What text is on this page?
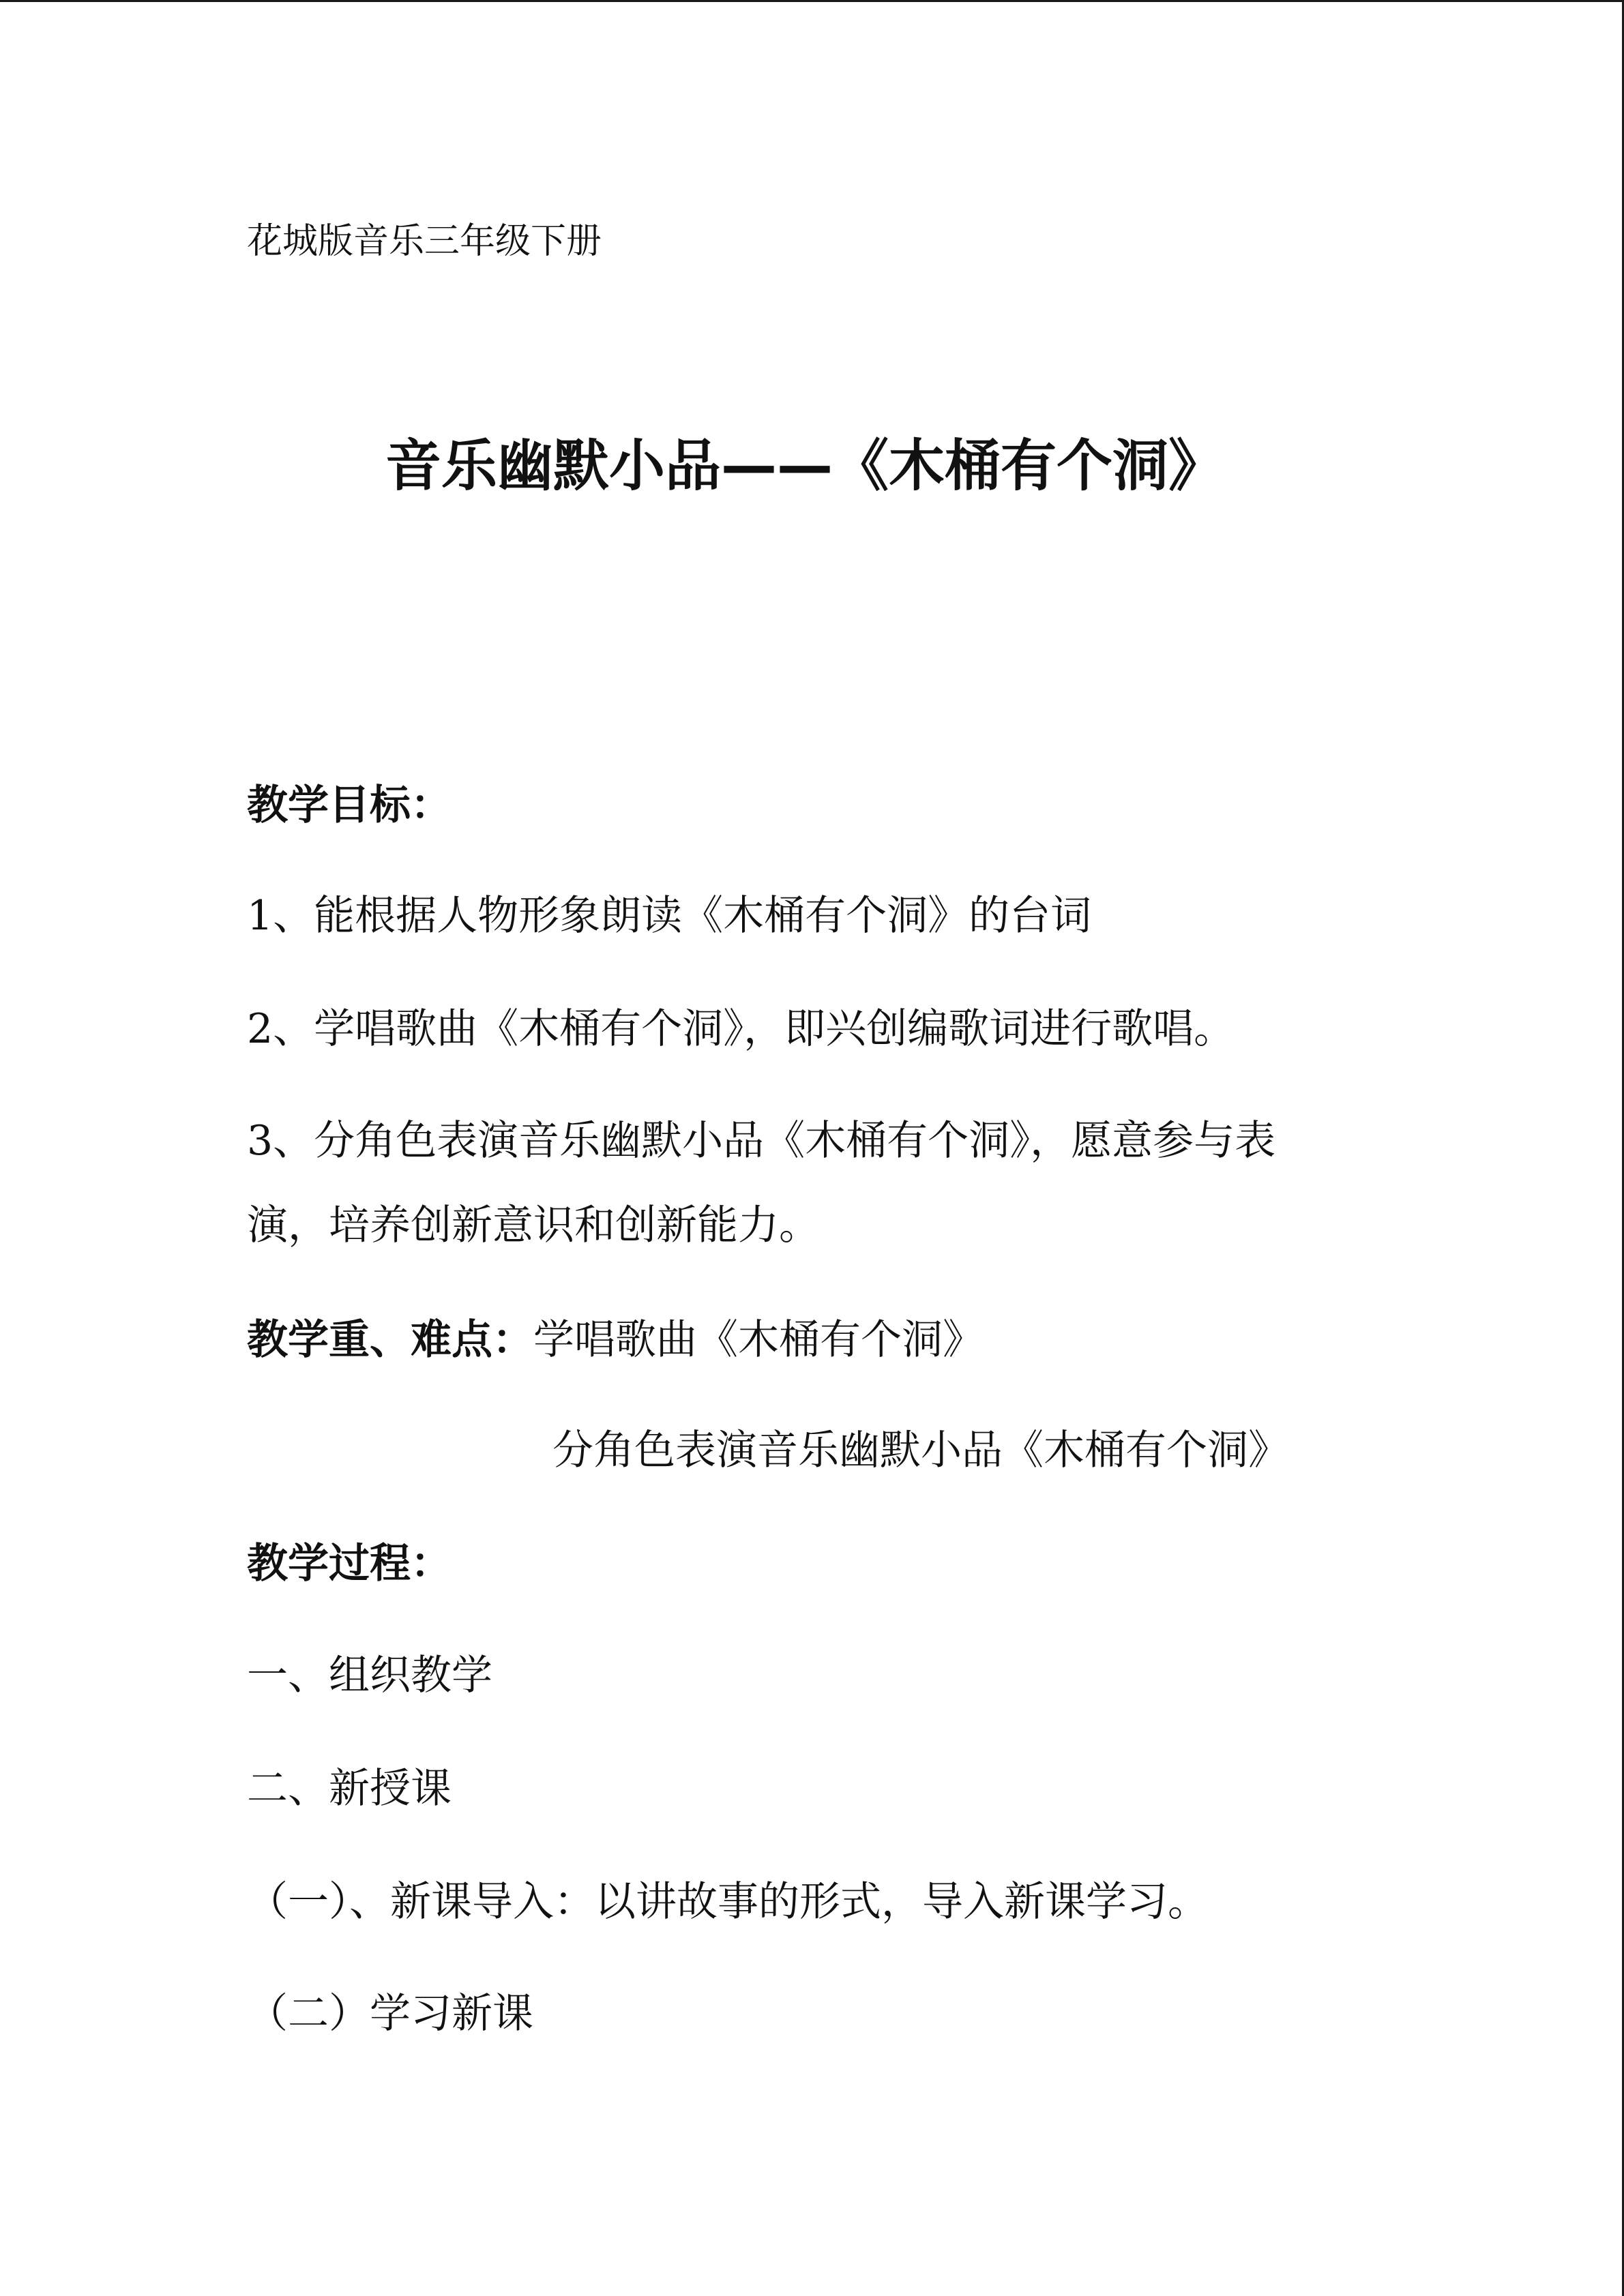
花城版音乐三年级下册
音乐幽默小品——《木桶有个洞》
教学目标：
1、能根据人物形象朗读《木桶有个洞》的台词
2、学唱歌曲《木桶有个洞》，即兴创编歌词进行歌唱。
3、分角色表演音乐幽默小品《木桶有个洞》，愿意参与表
演，培养创新意识和创新能力。
教学重、难点：学唱歌曲《木桶有个洞》
分角色表演音乐幽默小品《木桶有个洞》
教学过程：
一、组织教学
二、新授课
（一）、新课导入：以讲故事的形式，导入新课学习。
（二）学习新课
